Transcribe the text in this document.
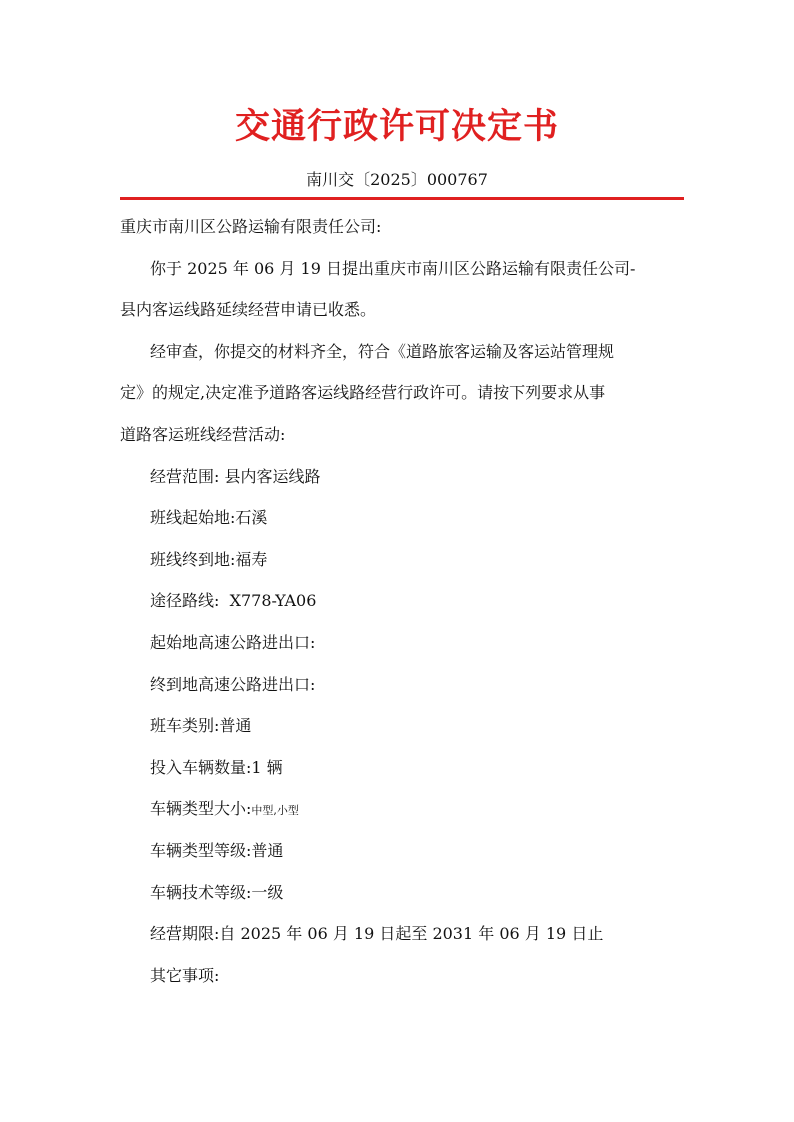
交通行政许可决定书
南川交〔2025〕000767
重庆市南川区公路运输有限责任公司:
你于 2025 年 06 月 19 日提出重庆市南川区公路运输有限责任公司-
县内客运线路延续经营申请已收悉。
经审查，你提交的材料齐全，符合《道路旅客运输及客运站管理规
定》的规定,决定准予道路客运线路经营行政许可。请按下列要求从事
道路客运班线经营活动:
经营范围: 县内客运线路
班线起始地:石溪
班线终到地:福寿
途径路线:  X778-YA06
起始地高速公路进出口:
终到地高速公路进出口:
班车类别:普通
投入车辆数量:1 辆
车辆类型大小:中型,小型
车辆类型等级:普通
车辆技术等级:一级
经营期限:自 2025 年 06 月 19 日起至 2031 年 06 月 19 日止
其它事项:
